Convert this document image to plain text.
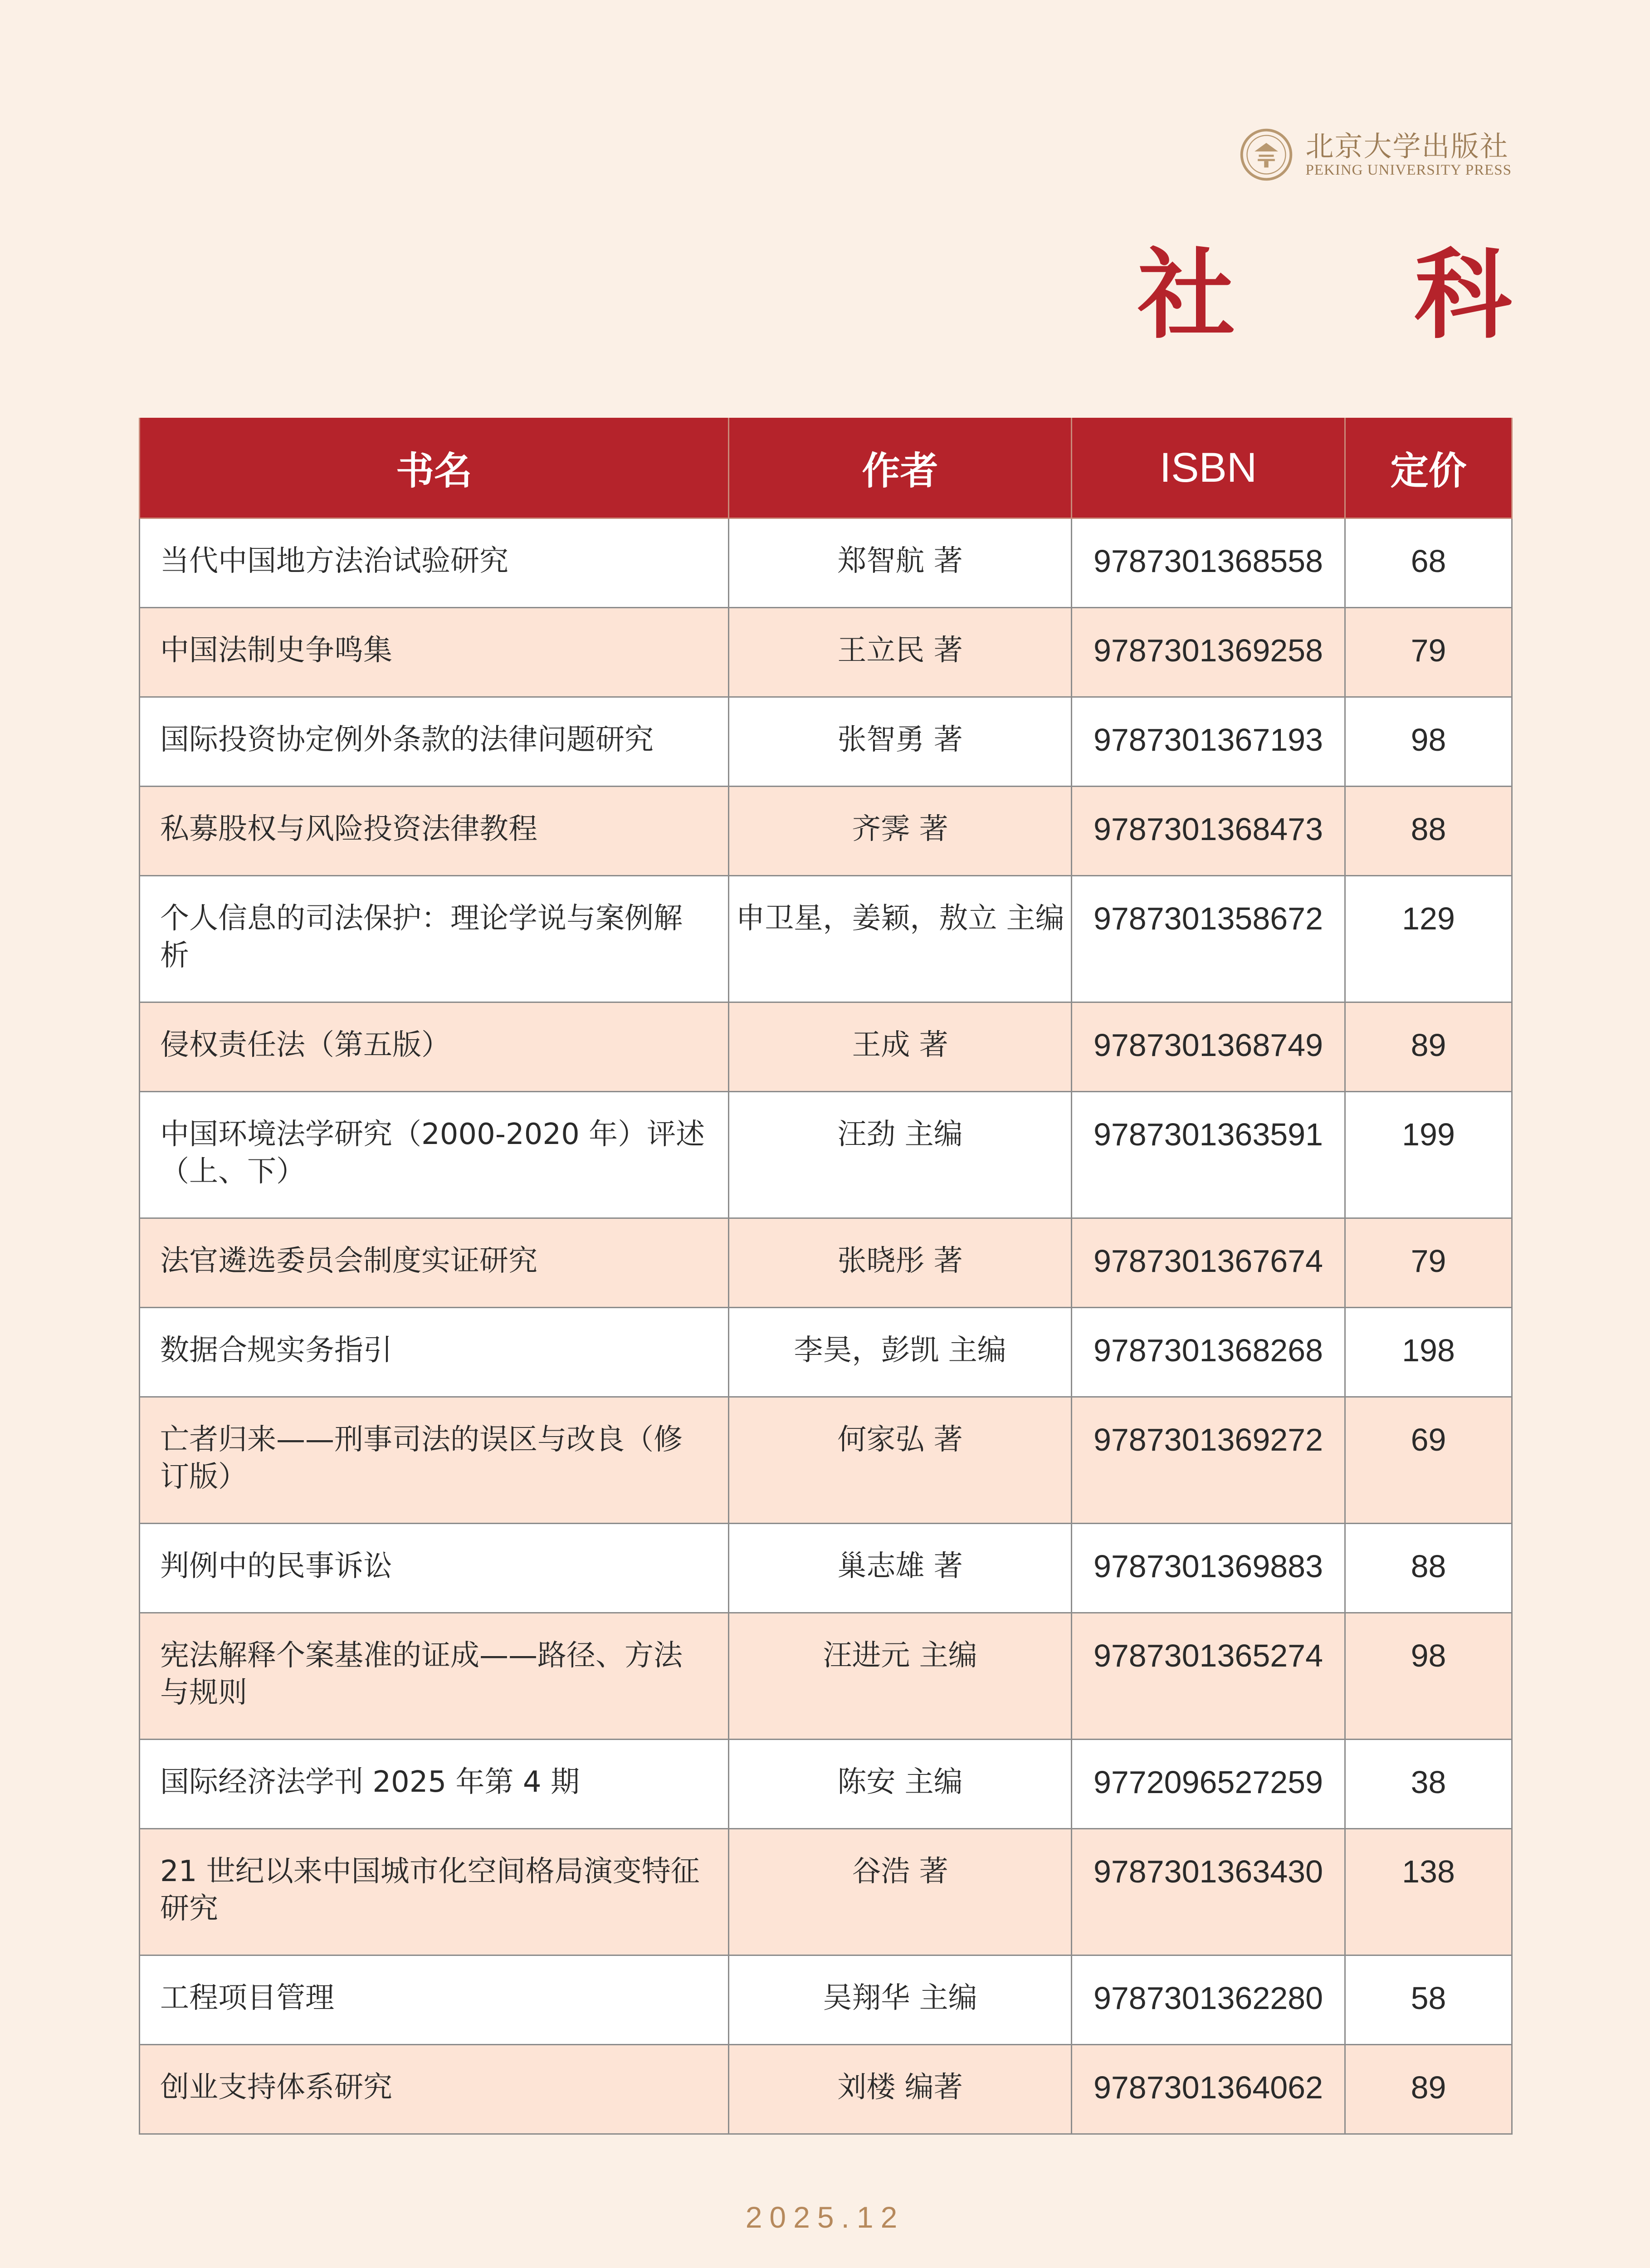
北京大学出版社
PEKING UNIVERSITY PRESS
社 科
书名	作者	ISBN	定价
当代中国地方法治试验研究	郑智航 著	9787301368558	68
中国法制史争鸣集	王立民 著	9787301369258	79
国际投资协定例外条款的法律问题研究	张智勇 著	9787301367193	98
私募股权与风险投资法律教程	齐霁 著	9787301368473	88
个人信息的司法保护：理论学说与案例解析	申卫星，姜颖，敖立 主编	9787301358672	129
侵权责任法（第五版）	王成 著	9787301368749	89
中国环境法学研究（2000-2020 年）评述（上、下）	汪劲 主编	9787301363591	199
法官遴选委员会制度实证研究	张晓彤 著	9787301367674	79
数据合规实务指引	李昊，彭凯 主编	9787301368268	198
亡者归来——刑事司法的误区与改良（修订版）	何家弘 著	9787301369272	69
判例中的民事诉讼	巢志雄 著	9787301369883	88
宪法解释个案基准的证成——路径、方法与规则	汪进元 主编	9787301365274	98
国际经济法学刊 2025 年第 4 期	陈安 主编	9772096527259	38
21 世纪以来中国城市化空间格局演变特征研究	谷浩 著	9787301363430	138
工程项目管理	吴翔华 主编	9787301362280	58
创业支持体系研究	刘楼 编著	9787301364062	89
2025.12
